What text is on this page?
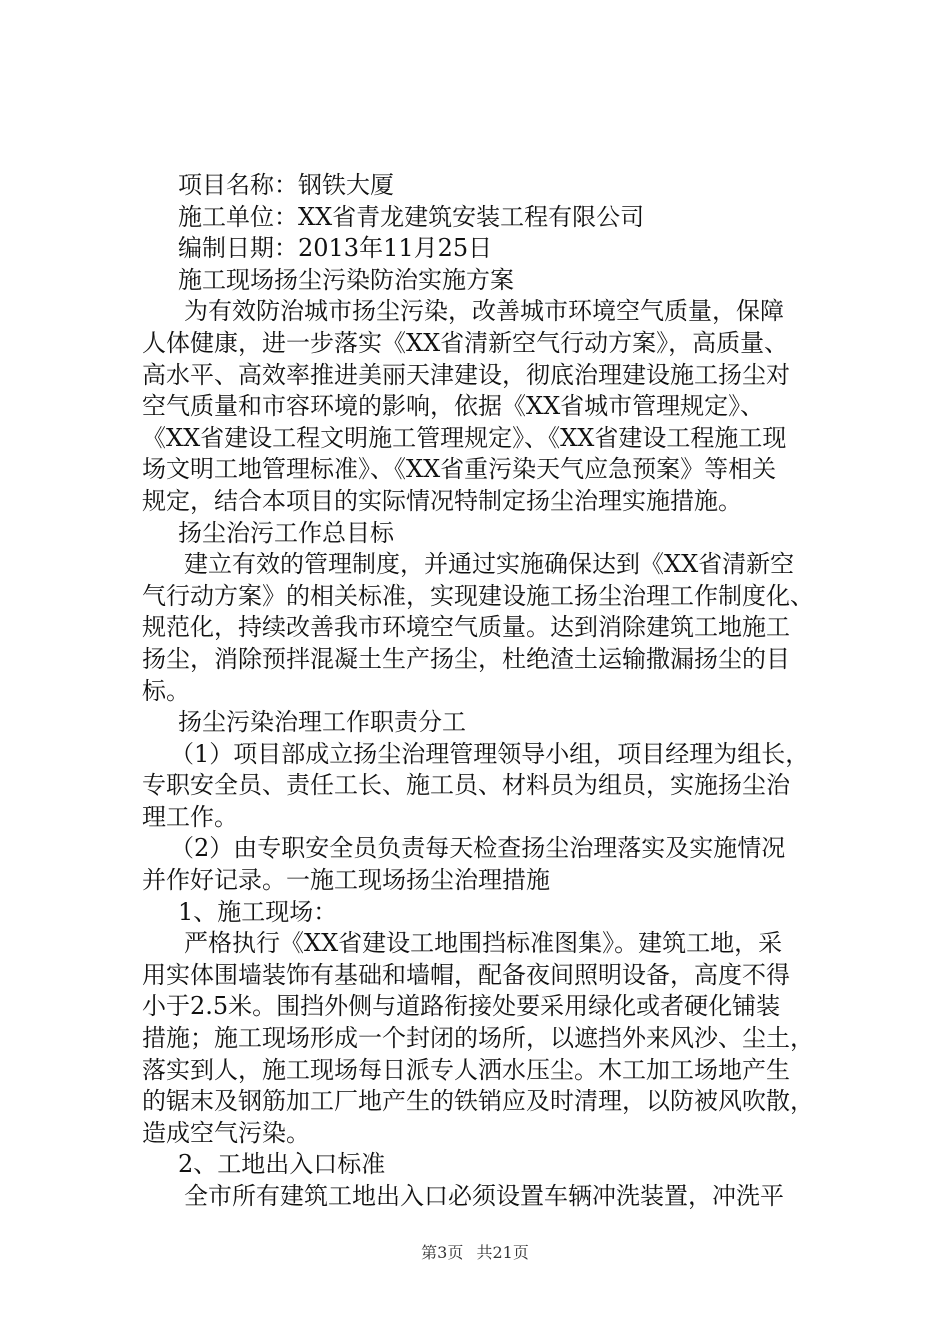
项目名称：钢铁大厦
施工单位：XX省青龙建筑安装工程有限公司
编制日期：2013年11月25日
施工现场扬尘污染防治实施方案
为有效防治城市扬尘污染，改善城市环境空气质量，保障
人体健康，进一步落实《XX省清新空气行动方案》，高质量、
高水平、高效率推进美丽天津建设，彻底治理建设施工扬尘对
空气质量和市容环境的影响，依据《XX省城市管理规定》、
《XX省建设工程文明施工管理规定》、《XX省建设工程施工现
场文明工地管理标准》、《XX省重污染天气应急预案》等相关
规定，结合本项目的实际情况特制定扬尘治理实施措施。
扬尘治污工作总目标
建立有效的管理制度，并通过实施确保达到《XX省清新空
气行动方案》的相关标准，实现建设施工扬尘治理工作制度化、
规范化，持续改善我市环境空气质量。达到消除建筑工地施工
扬尘，消除预拌混凝土生产扬尘，杜绝渣土运输撒漏扬尘的目
标。
扬尘污染治理工作职责分工
（1）项目部成立扬尘治理管理领导小组，项目经理为组长，
专职安全员、责任工长、施工员、材料员为组员，实施扬尘治
理工作。
（2）由专职安全员负责每天检查扬尘治理落实及实施情况
并作好记录。一施工现场扬尘治理措施
1、施工现场：
严格执行《XX省建设工地围挡标准图集》。建筑工地，采
用实体围墙装饰有基础和墙帽，配备夜间照明设备，高度不得
小于2.5米。围挡外侧与道路衔接处要采用绿化或者硬化铺装
措施；施工现场形成一个封闭的场所，以遮挡外来风沙、尘土，
落实到人，施工现场每日派专人洒水压尘。木工加工场地产生
的锯末及钢筋加工厂地产生的铁销应及时清理，以防被风吹散，
造成空气污染。
2、工地出入口标准
全市所有建筑工地出入口必须设置车辆冲洗装置，冲洗平
第3页 共21页
